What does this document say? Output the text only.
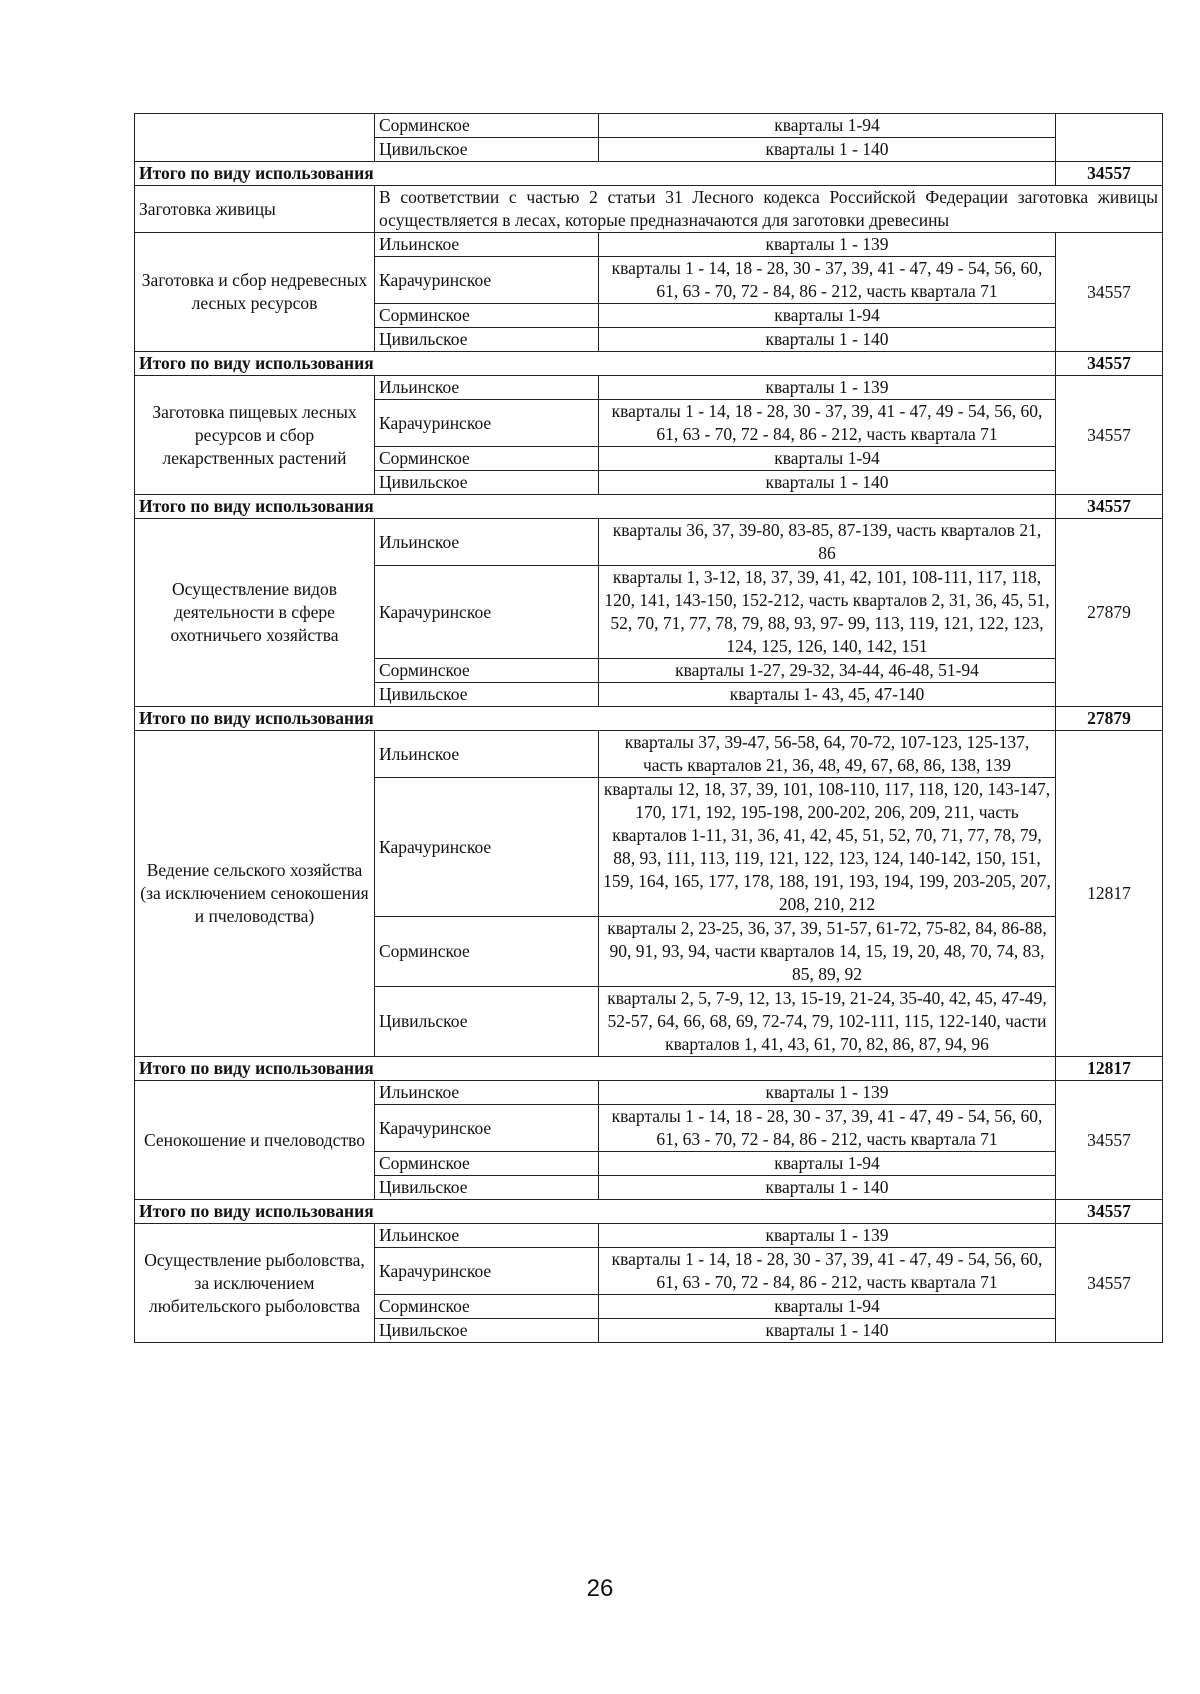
	Сорминское	кварталы 1-94	
	Цивильское	кварталы 1 - 140	
Итого по виду использования			34557
Заготовка живицы	В соответствии с частью 2 статьи 31 Лесного кодекса Российской Федерации заготовка живицы осуществляется в лесах, которые предназначаются для заготовки древесины		
Заготовка и сбор недревесных лесных ресурсов	Ильинское	кварталы 1 - 139	34557
	Карачуринское	кварталы 1 - 14, 18 - 28, 30 - 37, 39, 41 - 47, 49 - 54, 56, 60, 61, 63 - 70, 72 - 84, 86 - 212, часть квартала 71	
	Сорминское	кварталы 1-94	
	Цивильское	кварталы 1 - 140	
Итого по виду использования			34557
Заготовка пищевых лесных ресурсов и сбор лекарственных растений	Ильинское	кварталы 1 - 139	34557
	Карачуринское	кварталы 1 - 14, 18 - 28, 30 - 37, 39, 41 - 47, 49 - 54, 56, 60, 61, 63 - 70, 72 - 84, 86 - 212, часть квартала 71	
	Сорминское	кварталы 1-94	
	Цивильское	кварталы 1 - 140	
Итого по виду использования			34557
Осуществление видов деятельности в сфере охотничьего хозяйства	Ильинское	кварталы 36, 37, 39-80, 83-85, 87-139, часть кварталов 21, 86	27879
	Карачуринское	кварталы 1, 3-12, 18, 37, 39, 41, 42, 101, 108-111, 117, 118, 120, 141, 143-150, 152-212, часть кварталов 2, 31, 36, 45, 51, 52, 70, 71, 77, 78, 79, 88, 93, 97- 99, 113, 119, 121, 122, 123, 124, 125, 126, 140, 142, 151	
	Сорминское	кварталы 1-27, 29-32, 34-44, 46-48, 51-94	
	Цивильское	кварталы 1- 43, 45, 47-140	
Итого по виду использования			27879
Ведение сельского хозяйства (за исключением сенокошения и пчеловодства)	Ильинское	кварталы 37, 39-47, 56-58, 64, 70-72, 107-123, 125-137, часть кварталов 21, 36, 48, 49, 67, 68, 86, 138, 139	12817
	Карачуринское	кварталы 12, 18, 37, 39, 101, 108-110, 117, 118, 120, 143-147, 170, 171, 192, 195-198, 200-202, 206, 209, 211, часть кварталов 1-11, 31, 36, 41, 42, 45, 51, 52, 70, 71, 77, 78, 79, 88, 93, 111, 113, 119, 121, 122, 123, 124, 140-142, 150, 151, 159, 164, 165, 177, 178, 188, 191, 193, 194, 199, 203-205, 207, 208, 210, 212	
	Сорминское	кварталы 2, 23-25, 36, 37, 39, 51-57, 61-72, 75-82, 84, 86-88, 90, 91, 93, 94, части кварталов 14, 15, 19, 20, 48, 70, 74, 83, 85, 89, 92	
	Цивильское	кварталы 2, 5, 7-9, 12, 13, 15-19, 21-24, 35-40, 42, 45, 47-49, 52-57, 64, 66, 68, 69, 72-74, 79, 102-111, 115, 122-140, части кварталов 1, 41, 43, 61, 70, 82, 86, 87, 94, 96	
Итого по виду использования			12817
Сенокошение и пчеловодство	Ильинское	кварталы 1 - 139	34557
	Карачуринское	кварталы 1 - 14, 18 - 28, 30 - 37, 39, 41 - 47, 49 - 54, 56, 60, 61, 63 - 70, 72 - 84, 86 - 212, часть квартала 71	
	Сорминское	кварталы 1-94	
	Цивильское	кварталы 1 - 140	
Итого по виду использования			34557
Осуществление рыболовства, за исключением любительского рыболовства	Ильинское	кварталы 1 - 139	34557
	Карачуринское	кварталы 1 - 14, 18 - 28, 30 - 37, 39, 41 - 47, 49 - 54, 56, 60, 61, 63 - 70, 72 - 84, 86 - 212, часть квартала 71	
	Сорминское	кварталы 1-94	
	Цивильское	кварталы 1 - 140	
26
